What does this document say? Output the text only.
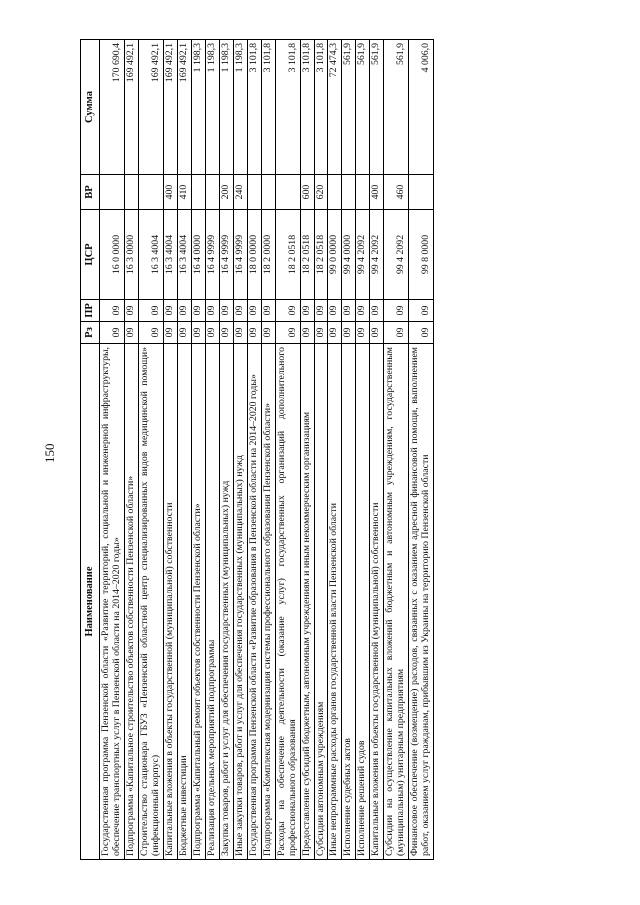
150
Наименование	Рз	ПР	ЦСР	ВР	Сумма
Государственная программа Пензенской области «Развитие территорий, социальной и инженерной инфраструктуры, обеспечение транспортных услуг в Пензенской области на 2014–2020 годы»	09	09	16 0 0000		170 690,4
Подпрограмма «Капитальное строительство объектов собственности Пензенской области»	09	09	16 3 0000		169 492,1
Строительство стационара ГБУЗ «Пензенский областной центр специализированных видов медицинской помощи» (инфекционный корпус)	09	09	16 3 4004		169 492,1
Капитальные вложения в объекты государственной (муниципальной) собственности	09	09	16 3 4004	400	169 492,1
Бюджетные инвестиции	09	09	16 3 4004	410	169 492,1
Подпрограмма «Капитальный ремонт объектов собственности Пензенской области»	09	09	16 4 0000		1 198,3
Реализация отдельных мероприятий подпрограммы	09	09	16 4 9999		1 198,3
Закупка товаров, работ и услуг для обеспечения государственных (муниципальных) нужд	09	09	16 4 9999	200	1 198,3
Иные закупки товаров, работ и услуг для обеспечения государственных (муниципальных) нужд	09	09	16 4 9999	240	1 198,3
Государственная программа Пензенской области «Развитие образования в Пензенской области на 2014–2020 годы»	09	09	18 0 0000		3 101,8
Подпрограмма «Комплексная модернизация системы профессионального образования Пензенской области»	09	09	18 2 0000		3 101,8
Расходы на обеспечение деятельности (оказание услуг) государственных организаций дополнительного профессионального образования	09	09	18 2 0518		3 101,8
Предоставление субсидий бюджетным, автономным учреждениям и иным некоммерческим организациям	09	09	18 2 0518	600	3 101,8
Субсидии автономным учреждениям	09	09	18 2 0518	620	3 101,8
Иные непрограммные расходы органов государственной власти Пензенской области	09	09	99 0 0000		72 474,3
Исполнение судебных актов	09	09	99 4 0000		561,9
Исполнение решений судов	09	09	99 4 2092		561,9
Капитальные вложения в объекты государственной (муниципальной) собственности	09	09	99 4 2092	400	561,9
Субсидии на осуществление капитальных вложений бюджетным и автономным учреждениям, государственным (муниципальным) унитарным предприятиям	09	09	99 4 2092	460	561,9
Финансовое обеспечение (возмещение) расходов, связанных с оказанием адресной финансовой помощи, выполнением работ, оказанием услуг гражданам, прибывшим из Украины на территорию Пензенской области	09	09	99 8 0000		4 006,0
